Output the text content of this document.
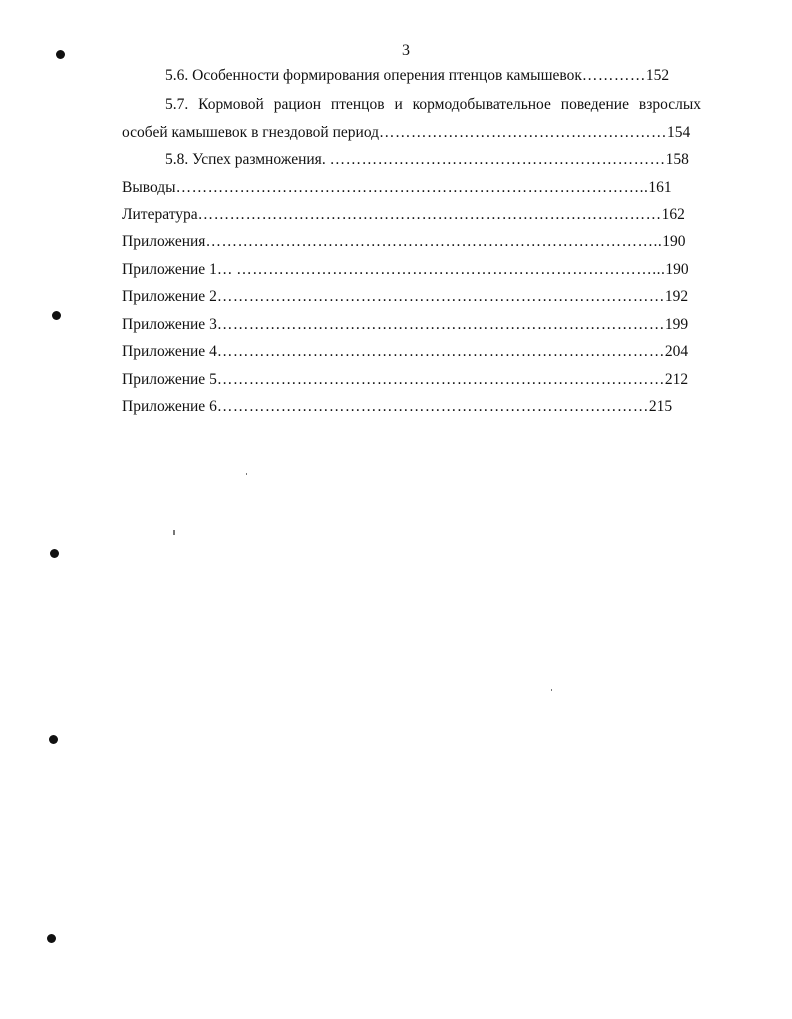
3
5.6. Особенности формирования оперения птенцов камышевок…………152
5.7. Кормовой рацион птенцов и кормодобывательное поведение взрослых
особей камышевок в гнездовой период………………………………………………154
5.8. Успех размножения. ………………………………………………………158
Выводы……………………………………………………………………………..161
Литература……………………………………………………………………………162
Приложения…………………………………………………………………………..190
Приложение 1… ……………………………………………………………………...190
Приложение 2…………………………………………………………………………192
Приложение 3…………………………………………………………………………199
Приложение 4…………………………………………………………………………204
Приложение 5…………………………………………………………………………212
Приложение 6………………………………………………………………………215
